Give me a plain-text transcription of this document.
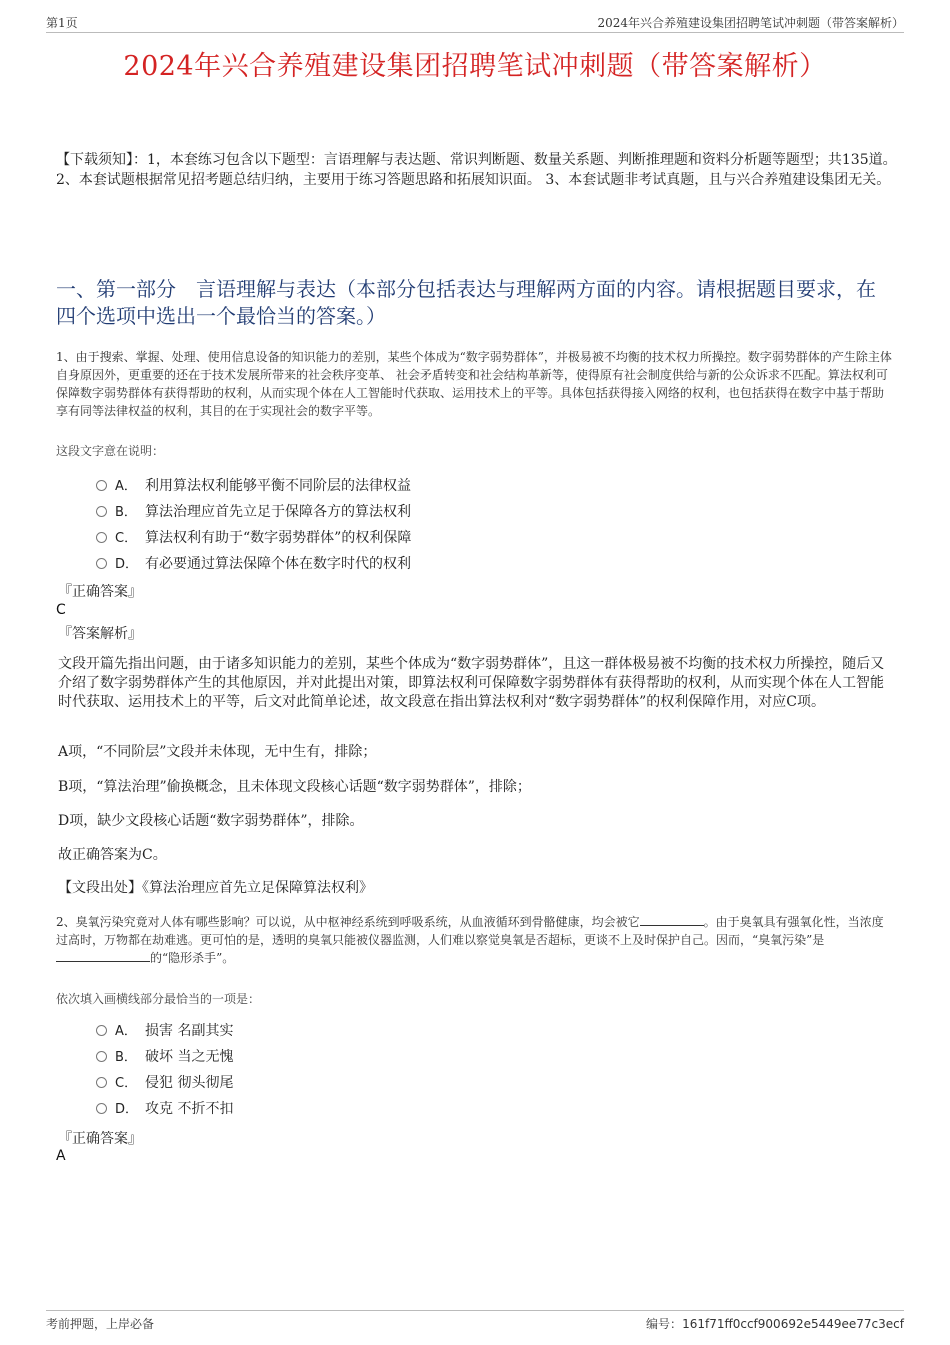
第1页	2024年兴合养殖建设集团招聘笔试冲刺题（带答案解析）
2024年兴合养殖建设集团招聘笔试冲刺题（带答案解析）
【下载须知】：1，本套练习包含以下题型：言语理解与表达题、常识判断题、数量关系题、判断推理题和资料分析题等题型；共135道。 2、本套试题根据常见招考题总结归纳，主要用于练习答题思路和拓展知识面。 3、本套试题非考试真题，且与兴合养殖建设集团无关。
一、第一部分　言语理解与表达（本部分包括表达与理解两方面的内容。请根据题目要求，在四个选项中选出一个最恰当的答案。）
1、由于搜索、掌握、处理、使用信息设备的知识能力的差别，某些个体成为“数字弱势群体”，并极易被不均衡的技术权力所操控。数字弱势群体的产生除主体自身原因外，更重要的还在于技术发展所带来的社会秩序变革、 社会矛盾转变和社会结构革新等，使得原有社会制度供给与新的公众诉求不匹配。算法权利可保障数字弱势群体有获得帮助的权利，从而实现个体在人工智能时代获取、运用技术上的平等。具体包括获得接入网络的权利，也包括获得在数字中基于帮助享有同等法律权益的权利，其目的在于实现社会的数字平等。
这段文字意在说明：
A． 利用算法权利能够平衡不同阶层的法律权益
B． 算法治理应首先立足于保障各方的算法权利
C． 算法权利有助于“数字弱势群体”的权利保障
D． 有必要通过算法保障个体在数字时代的权利
『正确答案』
C
『答案解析』
文段开篇先指出问题，由于诸多知识能力的差别，某些个体成为“数字弱势群体”，且这一群体极易被不均衡的技术权力所操控，随后又介绍了数字弱势群体产生的其他原因，并对此提出对策，即算法权利可保障数字弱势群体有获得帮助的权利，从而实现个体在人工智能时代获取、运用技术上的平等，后文对此简单论述，故文段意在指出算法权利对“数字弱势群体”的权利保障作用，对应C项。
A项，“不同阶层”文段并未体现，无中生有，排除；
B项，“算法治理”偷换概念，且未体现文段核心话题“数字弱势群体”，排除；
D项，缺少文段核心话题“数字弱势群体”，排除。
故正确答案为C。
【文段出处】《算法治理应首先立足保障算法权利》
2、臭氧污染究竟对人体有哪些影响？可以说，从中枢神经系统到呼吸系统，从血液循环到骨骼健康，均会被它	。由于臭氧具有强氧化性，当浓度过高时，万物都在劫难逃。更可怕的是，透明的臭氧只能被仪器监测，人们难以察觉臭氧是否超标，更谈不上及时保护自己。因而，“臭氧污染”是的“隐形杀手”。
依次填入画横线部分最恰当的一项是：
A． 损害 名副其实
B． 破坏 当之无愧
C． 侵犯 彻头彻尾
D． 攻克 不折不扣
『正确答案』
A
考前押题，上岸必备	编号：161f71ff0ccf900692e5449ee77c3ecf
